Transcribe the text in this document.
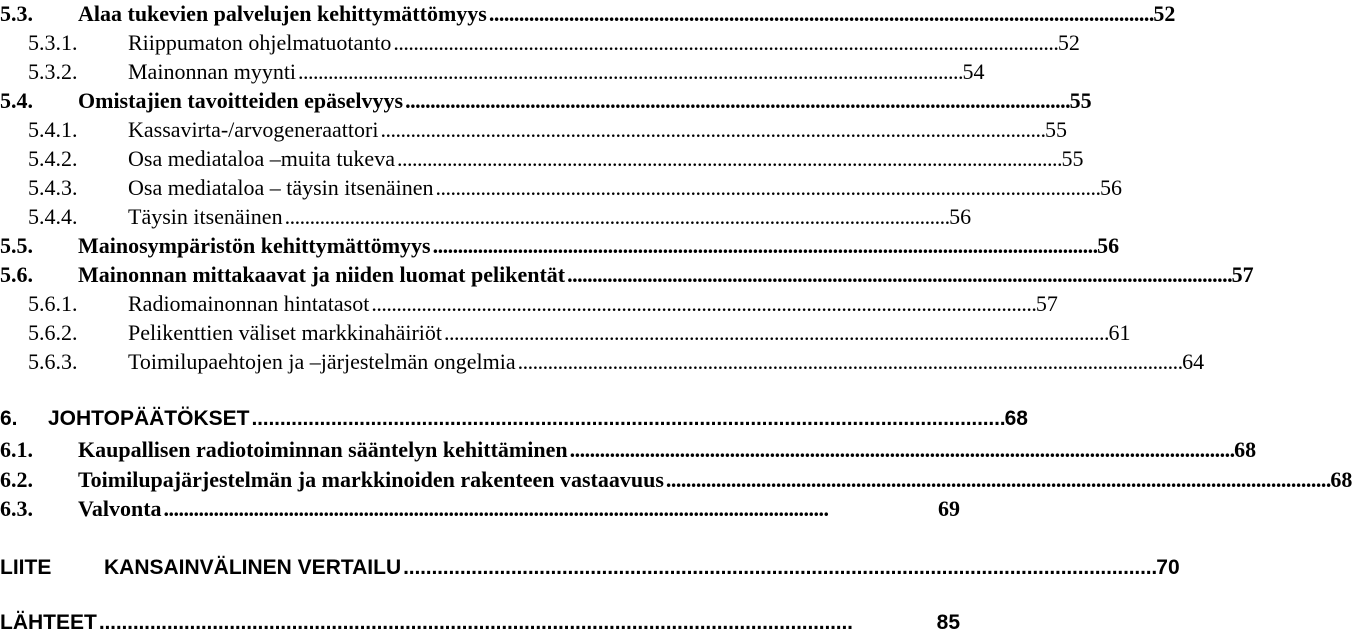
5.3.	Alaa tukevien palvelujen kehittymättömyys . . .	52
5.3.1.	Riippumaton ohjelmatuotanto . . .	52
5.3.2.	Mainonnan myynti . . .	54
5.4.	Omistajien tavoitteiden epäselvyys . . .	55
5.4.1.	Kassavirta-/arvogeneraattori . . .	55
5.4.2.	Osa mediataloa –muita tukeva . . .	55
5.4.3.	Osa mediataloa – täysin itsenäinen . . .	56
5.4.4.	Täysin itsenäinen . . .	56
5.5.	Mainosympäristön kehittymättömyys . . .	56
5.6.	Mainonnan mittakaavat ja niiden luomat pelikentät . . .	57
5.6.1.	Radiomainonnan hintatasot . . .	57
5.6.2.	Pelikenttien väliset markkinahäiriöt . . .	61
5.6.3.	Toimilupaehtojen ja –järjestelmän ongelmia . . .	64
6.	JOHTOPÄÄTÖKSET . . .	68
6.1.	Kaupallisen radiotoiminnan sääntelyn kehittäminen . . .	68
6.2.	Toimilupajärjestelmän ja markkinoiden rakenteen vastaavuus . . .	68
6.3.	Valvonta . . .	69
LIITE	KANSAINVÄLINEN VERTAILU . . .	70
LÄHTEET . . .	85
